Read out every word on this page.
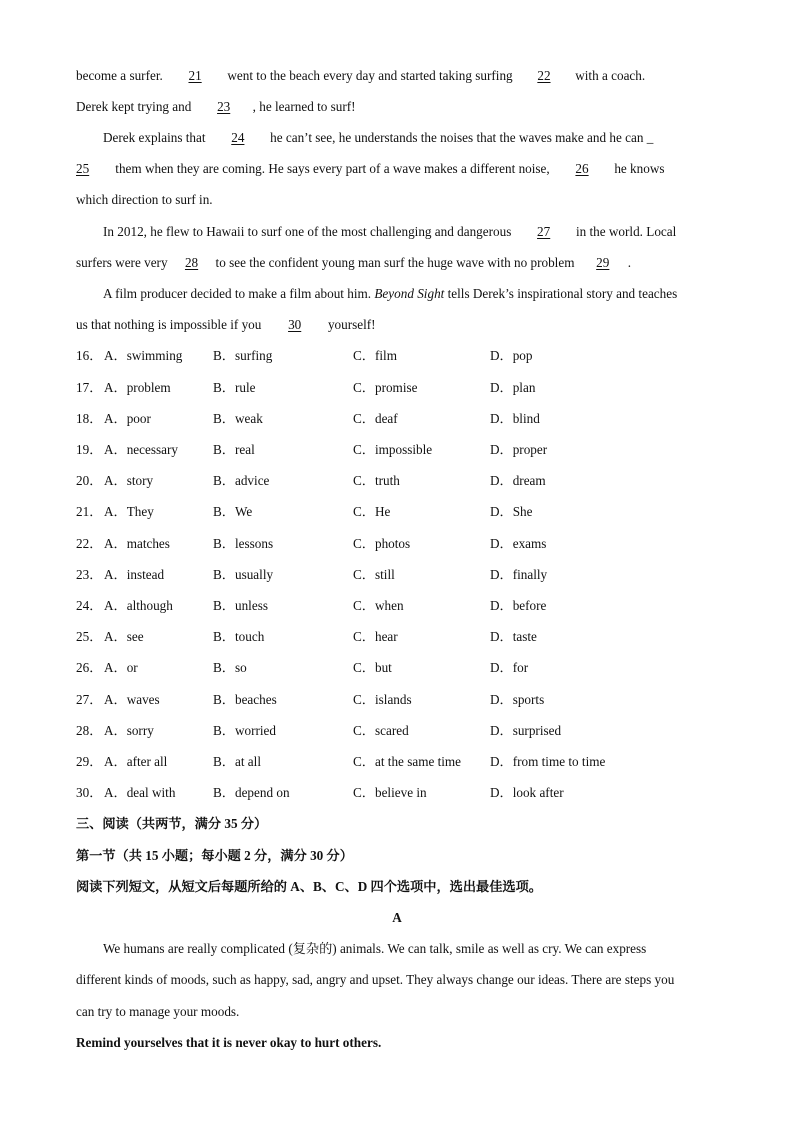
become a surfer. 21 went to the beach every day and started taking surfing 22 with a coach.
Derek kept trying and 23 , he learned to surf!
Derek explains that 24 he can’t see, he understands the noises that the waves make and he can _
25 them when they are coming. He says every part of a wave makes a different noise, 26 he knows
which direction to surf in.
In 2012, he flew to Hawaii to surf one of the most challenging and dangerous 27 in the world. Local
surfers were very 28 to see the confident young man surf the huge wave with no problem 29 .
A film producer decided to make a film about him. Beyond Sight tells Derek’s inspirational story and teaches
us that nothing is impossible if you 30 yourself!
16． A．swimming B．surfing	C．film	D．pop
17． A．problem	B．rule	C．promise	D．plan
18． A．poor	B．weak	C．deaf	D．blind
19． A．necessary	B．real	C．impossible	D．proper
20． A．story	B．advice	C．truth	D．dream
21． A．They	B．We	C．He	D．She
22． A．matches	B．lessons	C．photos	D．exams
23． A．instead	B．usually	C．still	D．finally
24． A．although	B．unless	C．when	D．before
25． A．see	B．touch	C．hear	D．taste
26． A．or	B．so	C．but	D．for
27． A．waves	B．beaches	C．islands	D．sports
28． A．sorry	B．worried	C．scared	D．surprised
29． A．after all	B．at all	C．at the same time D．from time to time
30． A．deal with	B．depend on	C．believe in	D．look after
三、阅读（共两节，满分 35 分）
第一节（共 15 小题；每小题 2 分，满分 30 分）
阅读下列短文，从短文后每题所给的 A、B、C、D 四个选项中，选出最佳选项。
A
We humans are really complicated (复杂的) animals. We can talk, smile as well as cry. We can express
different kinds of moods, such as happy, sad, angry and upset. They always change our ideas. There are steps you
can try to manage your moods.
Remind yourselves that it is never okay to hurt others.
